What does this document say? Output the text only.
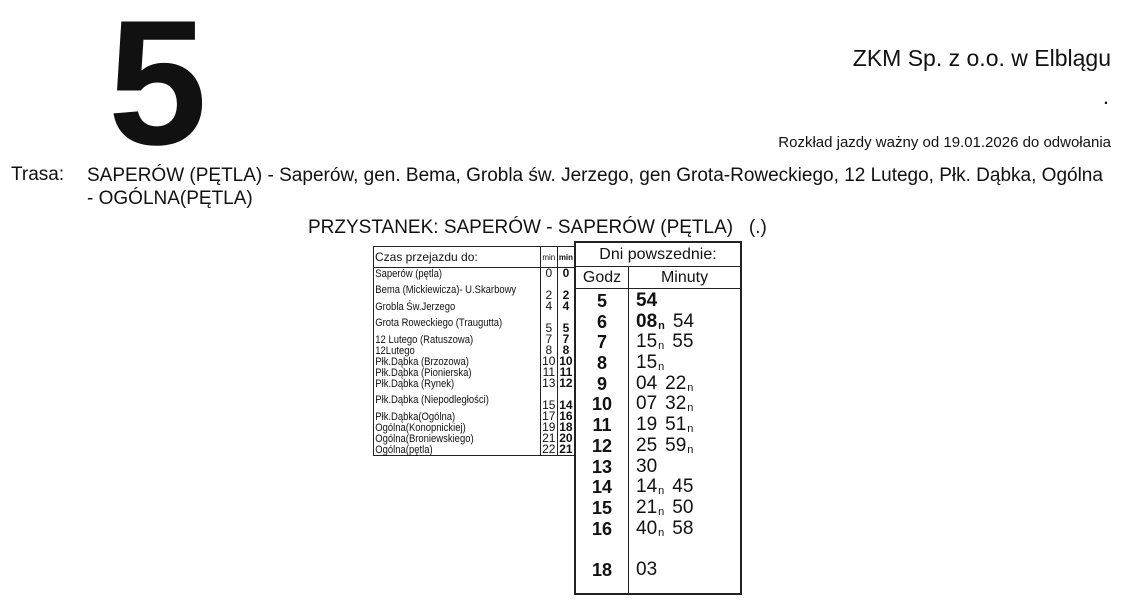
5	ZKM Sp. z o.o. w Elblągu
.
Rozkład jazdy ważny od 19.01.2026 do odwołania
Trasa: SAPERÓW (PĘTLA) - Saperów, gen. Bema, Grobla św. Jerzego, gen Grota-Roweckiego, 12 Lutego, Płk. Dąbka, Ogólna - OGÓLNA(PĘTLA)
PRZYSTANEK: SAPERÓW - SAPERÓW (PĘTLA)   (.)
Czas przejazdu do:	min	min
Saperów (pętla)	0	0
Bema (Mickiewicza)- U.Skarbowy	2	2
Grobla Św.Jerzego	4	4
Grota Roweckiego (Traugutta)	5	5
12 Lutego (Ratuszowa)	7	7
12Lutego	8	8
Płk.Dąbka (Brzozowa)	10	10
Płk.Dąbka (Pionierska)	11	11
Płk.Dąbka (Rynek)	13	12
Płk.Dąbka (Niepodległości)	15	14
Płk.Dąbka(Ogólna)	17	16
Ogólna(Konopnickiej)	19	18
Ogólna(Broniewskiego)	21	20
Ogólna(pętla)	22	21
Dni powszednie:
Godz	Minuty
5	54
6	$08_n$ 54
7	$15_n$ 55
8	$15_n$
9	04 $22_n$
10	07 $32_n$
11	19 $51_n$
12	25 $59_n$
13	30
14	$14_n$ 45
15	$21_n$ 50
16	$40_n$ 58
18	03
